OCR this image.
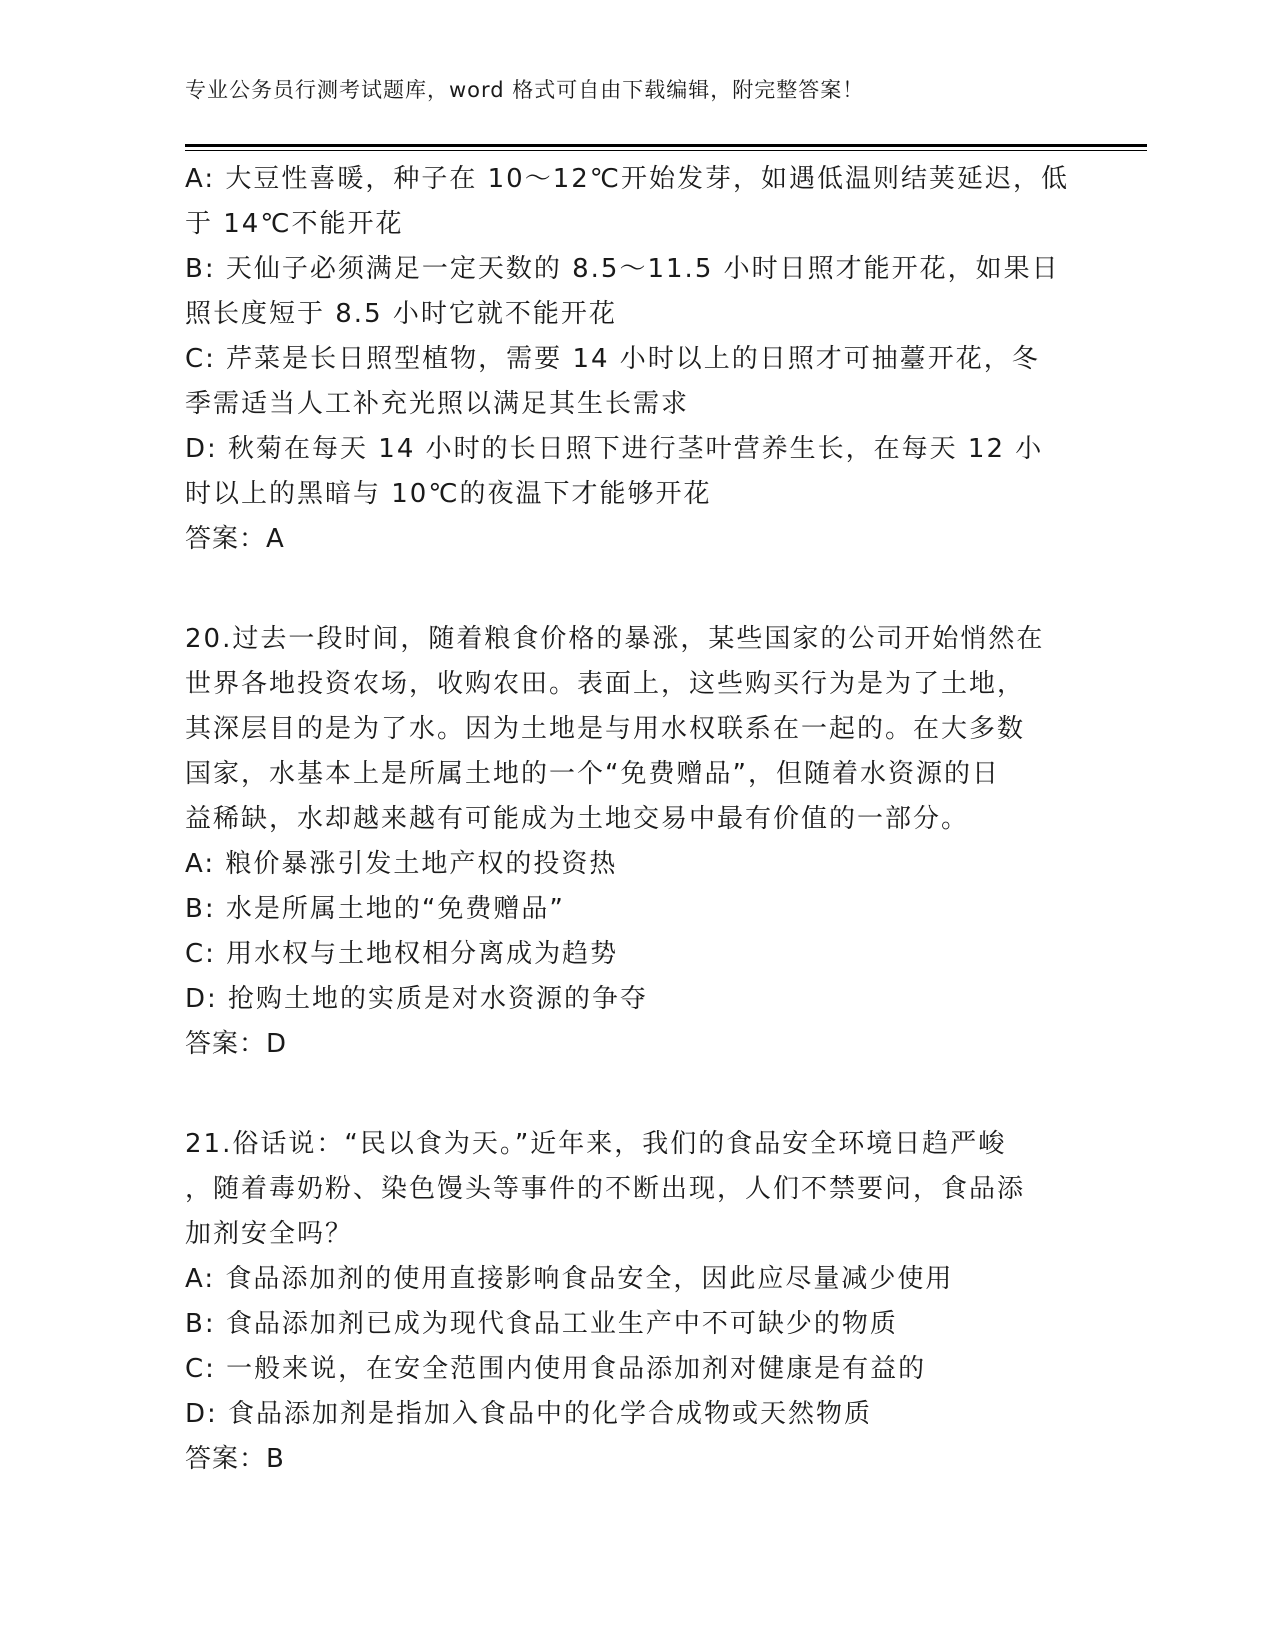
专业公务员行测考试题库，word 格式可自由下载编辑，附完整答案！
A: 大豆性喜暖，种子在 10～12℃开始发芽，如遇低温则结荚延迟，低
于 14℃不能开花
B: 天仙子必须满足一定天数的 8.5～11.5 小时日照才能开花，如果日
照长度短于 8.5 小时它就不能开花
C: 芹菜是长日照型植物，需要 14 小时以上的日照才可抽薹开花，冬
季需适当人工补充光照以满足其生长需求
D: 秋菊在每天 14 小时的长日照下进行茎叶营养生长，在每天 12 小
时以上的黑暗与 10℃的夜温下才能够开花
答案：A
20.过去一段时间，随着粮食价格的暴涨，某些国家的公司开始悄然在
世界各地投资农场，收购农田。表面上，这些购买行为是为了土地，
其深层目的是为了水。因为土地是与用水权联系在一起的。在大多数
国家，水基本上是所属土地的一个“免费赠品”，但随着水资源的日
益稀缺，水却越来越有可能成为土地交易中最有价值的一部分。
A: 粮价暴涨引发土地产权的投资热
B: 水是所属土地的“免费赠品”
C: 用水权与土地权相分离成为趋势
D: 抢购土地的实质是对水资源的争夺
答案：D
21.俗话说：“民以食为天。”近年来，我们的食品安全环境日趋严峻
，随着毒奶粉、染色馒头等事件的不断出现，人们不禁要问，食品添
加剂安全吗？
A: 食品添加剂的使用直接影响食品安全，因此应尽量减少使用
B: 食品添加剂已成为现代食品工业生产中不可缺少的物质
C: 一般来说，在安全范围内使用食品添加剂对健康是有益的
D: 食品添加剂是指加入食品中的化学合成物或天然物质
答案：B
